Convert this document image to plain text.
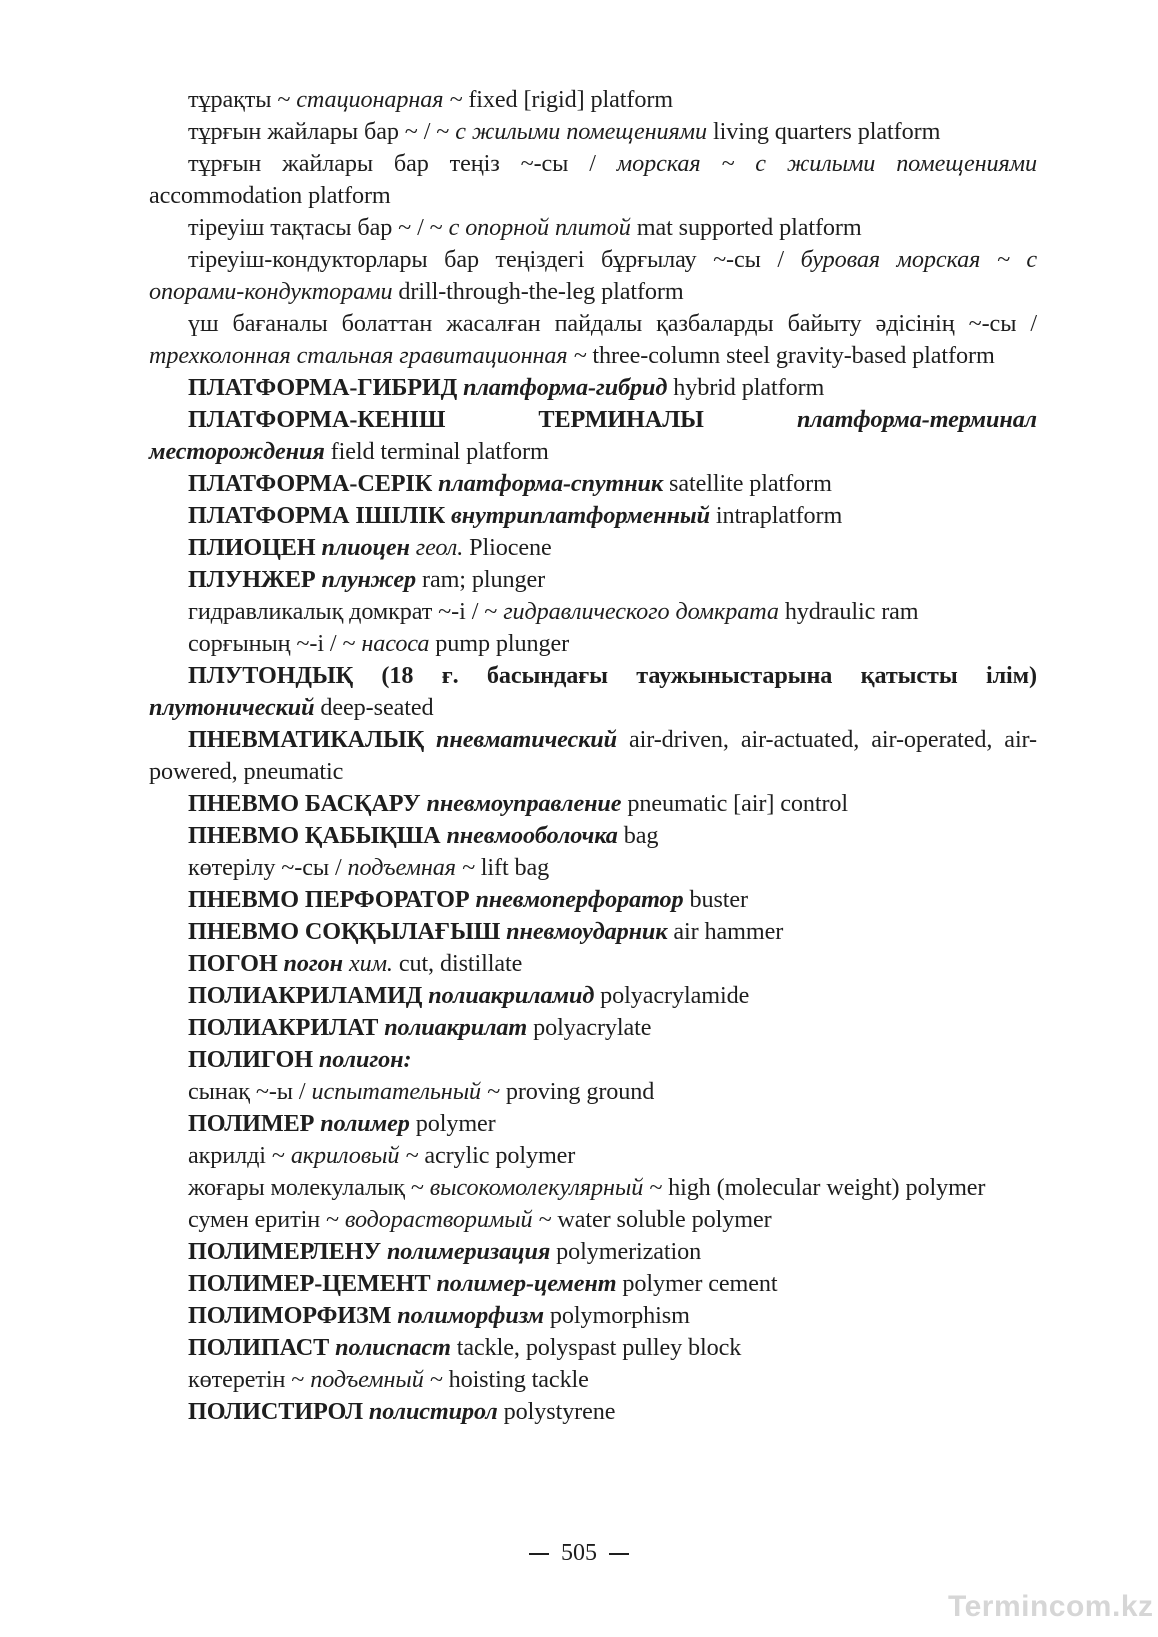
тұрақты ~ стационарная ~ fixed [rigid] platform

тұрғын жайлары бар ~ / ~ с жилыми помещениями living quarters platform

тұрғын жайлары бар теңіз ~-сы / морская ~ с жилыми помещениями accommodation platform

тіреуіш тақтасы бар ~ / ~ с опорной плитой mat supported platform

тіреуіш-кондукторлары бар теңіздегі бұрғылау ~-сы / буровая морская ~ с опорами-кондукторами drill-through-the-leg platform

үш бағаналы болаттан жасалған пайдалы қазбаларды байыту әдісінің ~-сы / трехколонная стальная гравитационная ~ three-column steel gravity-based platform

ПЛАТФОРМА-ГИБРИД платформа-гибрид hybrid platform

ПЛАТФОРМА-КЕНІШ ТЕРМИНАЛЫ платформа-терминал месторождения field terminal platform

ПЛАТФОРМА-СЕРІК платформа-спутник satellite platform

ПЛАТФОРМА ІШІЛІК внутриплатформенный intraplatform

ПЛИОЦЕН плиоцен геол. Pliocene

ПЛУНЖЕР плунжер ram; plunger

гидравликалық домкрат ~-і / ~ гидравлического домкрата hydraulic ram

сорғының ~-і / ~ насоса pump plunger

ПЛУТОНДЫҚ (18 ғ. басындағы таужыныстарына қатысты ілім) плутонический deep-seated

ПНЕВМАТИКАЛЫҚ пневматический air-driven, air-actuated, air-operated, air-powered, pneumatic

ПНЕВМО БАСҚАРУ пневмоуправление pneumatic [air] control

ПНЕВМО ҚАБЫҚША пневмооболочка bag

көтерілу ~-сы / подъемная ~ lift bag

ПНЕВМО ПЕРФОРАТОР пневмоперфоратор buster

ПНЕВМО СОҚҚЫЛАҒЫШ пневмоударник air hammer

ПОГОН погон хим. cut, distillate

ПОЛИАКРИЛАМИД полиакриламид polyacrylamide

ПОЛИАКРИЛАТ полиакрилат polyacrylate

ПОЛИГОН полигон:

сынақ ~-ы / испытательный ~ proving ground

ПОЛИМЕР полимер polymer

акрилді ~ акриловый ~ acrylic polymer

жоғары молекулалық ~ высокомолекулярный ~ high (molecular weight) polymer

сумен еритін ~ водорастворимый ~ water soluble polymer

ПОЛИМЕРЛЕНУ полимеризация polymerization

ПОЛИМЕР-ЦЕМЕНТ полимер-цемент polymer cement

ПОЛИМОРФИЗМ полиморфизм polymorphism

ПОЛИПАСТ полиспаст tackle, polyspast pulley block

көтеретін ~ подъемный ~ hoisting tackle

ПОЛИСТИРОЛ полистирол polystyrene

505
Termincom.kz
